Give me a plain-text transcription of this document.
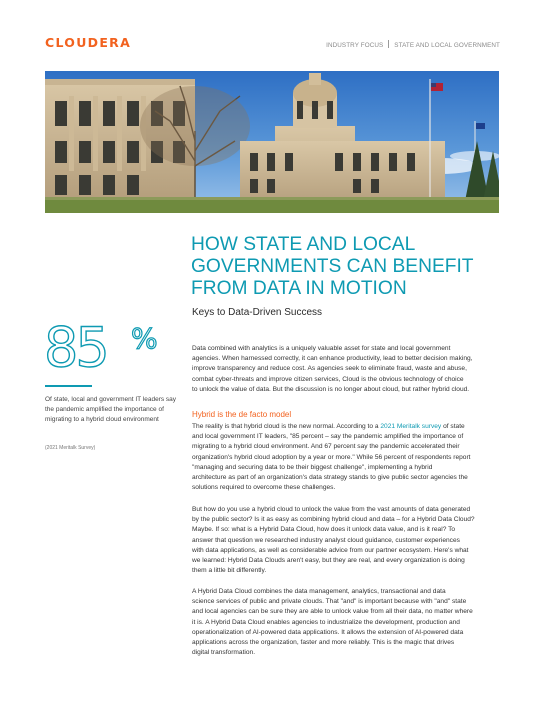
CLOUDERA	INDUSTRY FOCUS STATE AND LOCAL GOVERNMENT
HOW STATE AND LOCAL
GOVERNMENTS CAN BENEFIT
FROM DATA IN MOTION
Keys to Data-Driven Success
85 %
Of state, local and government IT leaders say the pandemic amplified the importance of migrating to a hybrid cloud environment
(2021 Meritalk Survey)

Data combined with analytics is a uniquely valuable asset for state and local government
agencies. When harnessed correctly, it can enhance productivity, lead to better decision making,
improve transparency and reduce cost. As agencies seek to eliminate fraud, waste and abuse,
combat cyber-threats and improve citizen services, Cloud is the obvious technology of choice
to unlock the value of data. But the discussion is no longer about cloud, but rather hybrid cloud.

Hybrid is the de facto model

The reality is that hybrid cloud is the new normal. According to a 2021 Meritalk survey of state
and local government IT leaders, "85 percent – say the pandemic amplified the importance of
migrating to a hybrid cloud environment. And 67 percent say the pandemic accelerated their
organization's hybrid cloud adoption by a year or more." While 56 percent of respondents report
"managing and securing data to be their biggest challenge", implementing a hybrid
architecture as part of an organization's data strategy stands to give public sector agencies the
solutions required to overcome these challenges.

But how do you use a hybrid cloud to unlock the value from the vast amounts of data generated
by the public sector? Is it as easy as combining hybrid cloud and data – for a Hybrid Data Cloud?
Maybe. If so: what is a Hybrid Data Cloud, how does it unlock data value, and is it real? To
answer that question we researched industry analyst cloud guidance, customer experiences
with data applications, as well as considerable advice from our partner ecosystem. Here's what
we learned: Hybrid Data Clouds aren't easy, but they are real, and every organization is doing
them a little bit differently.

A Hybrid Data Cloud combines the data management, analytics, transactional and data
science services of public and private clouds. That "and" is important because with "and" state
and local agencies can be sure they are able to unlock value from all their data, no matter where
it is. A Hybrid Data Cloud enables agencies to industrialize the development, production and
operationalization of AI-powered data applications. It allows the extension of AI-powered data
applications across the organization, faster and more reliably. This is the magic that drives
digital transformation.
